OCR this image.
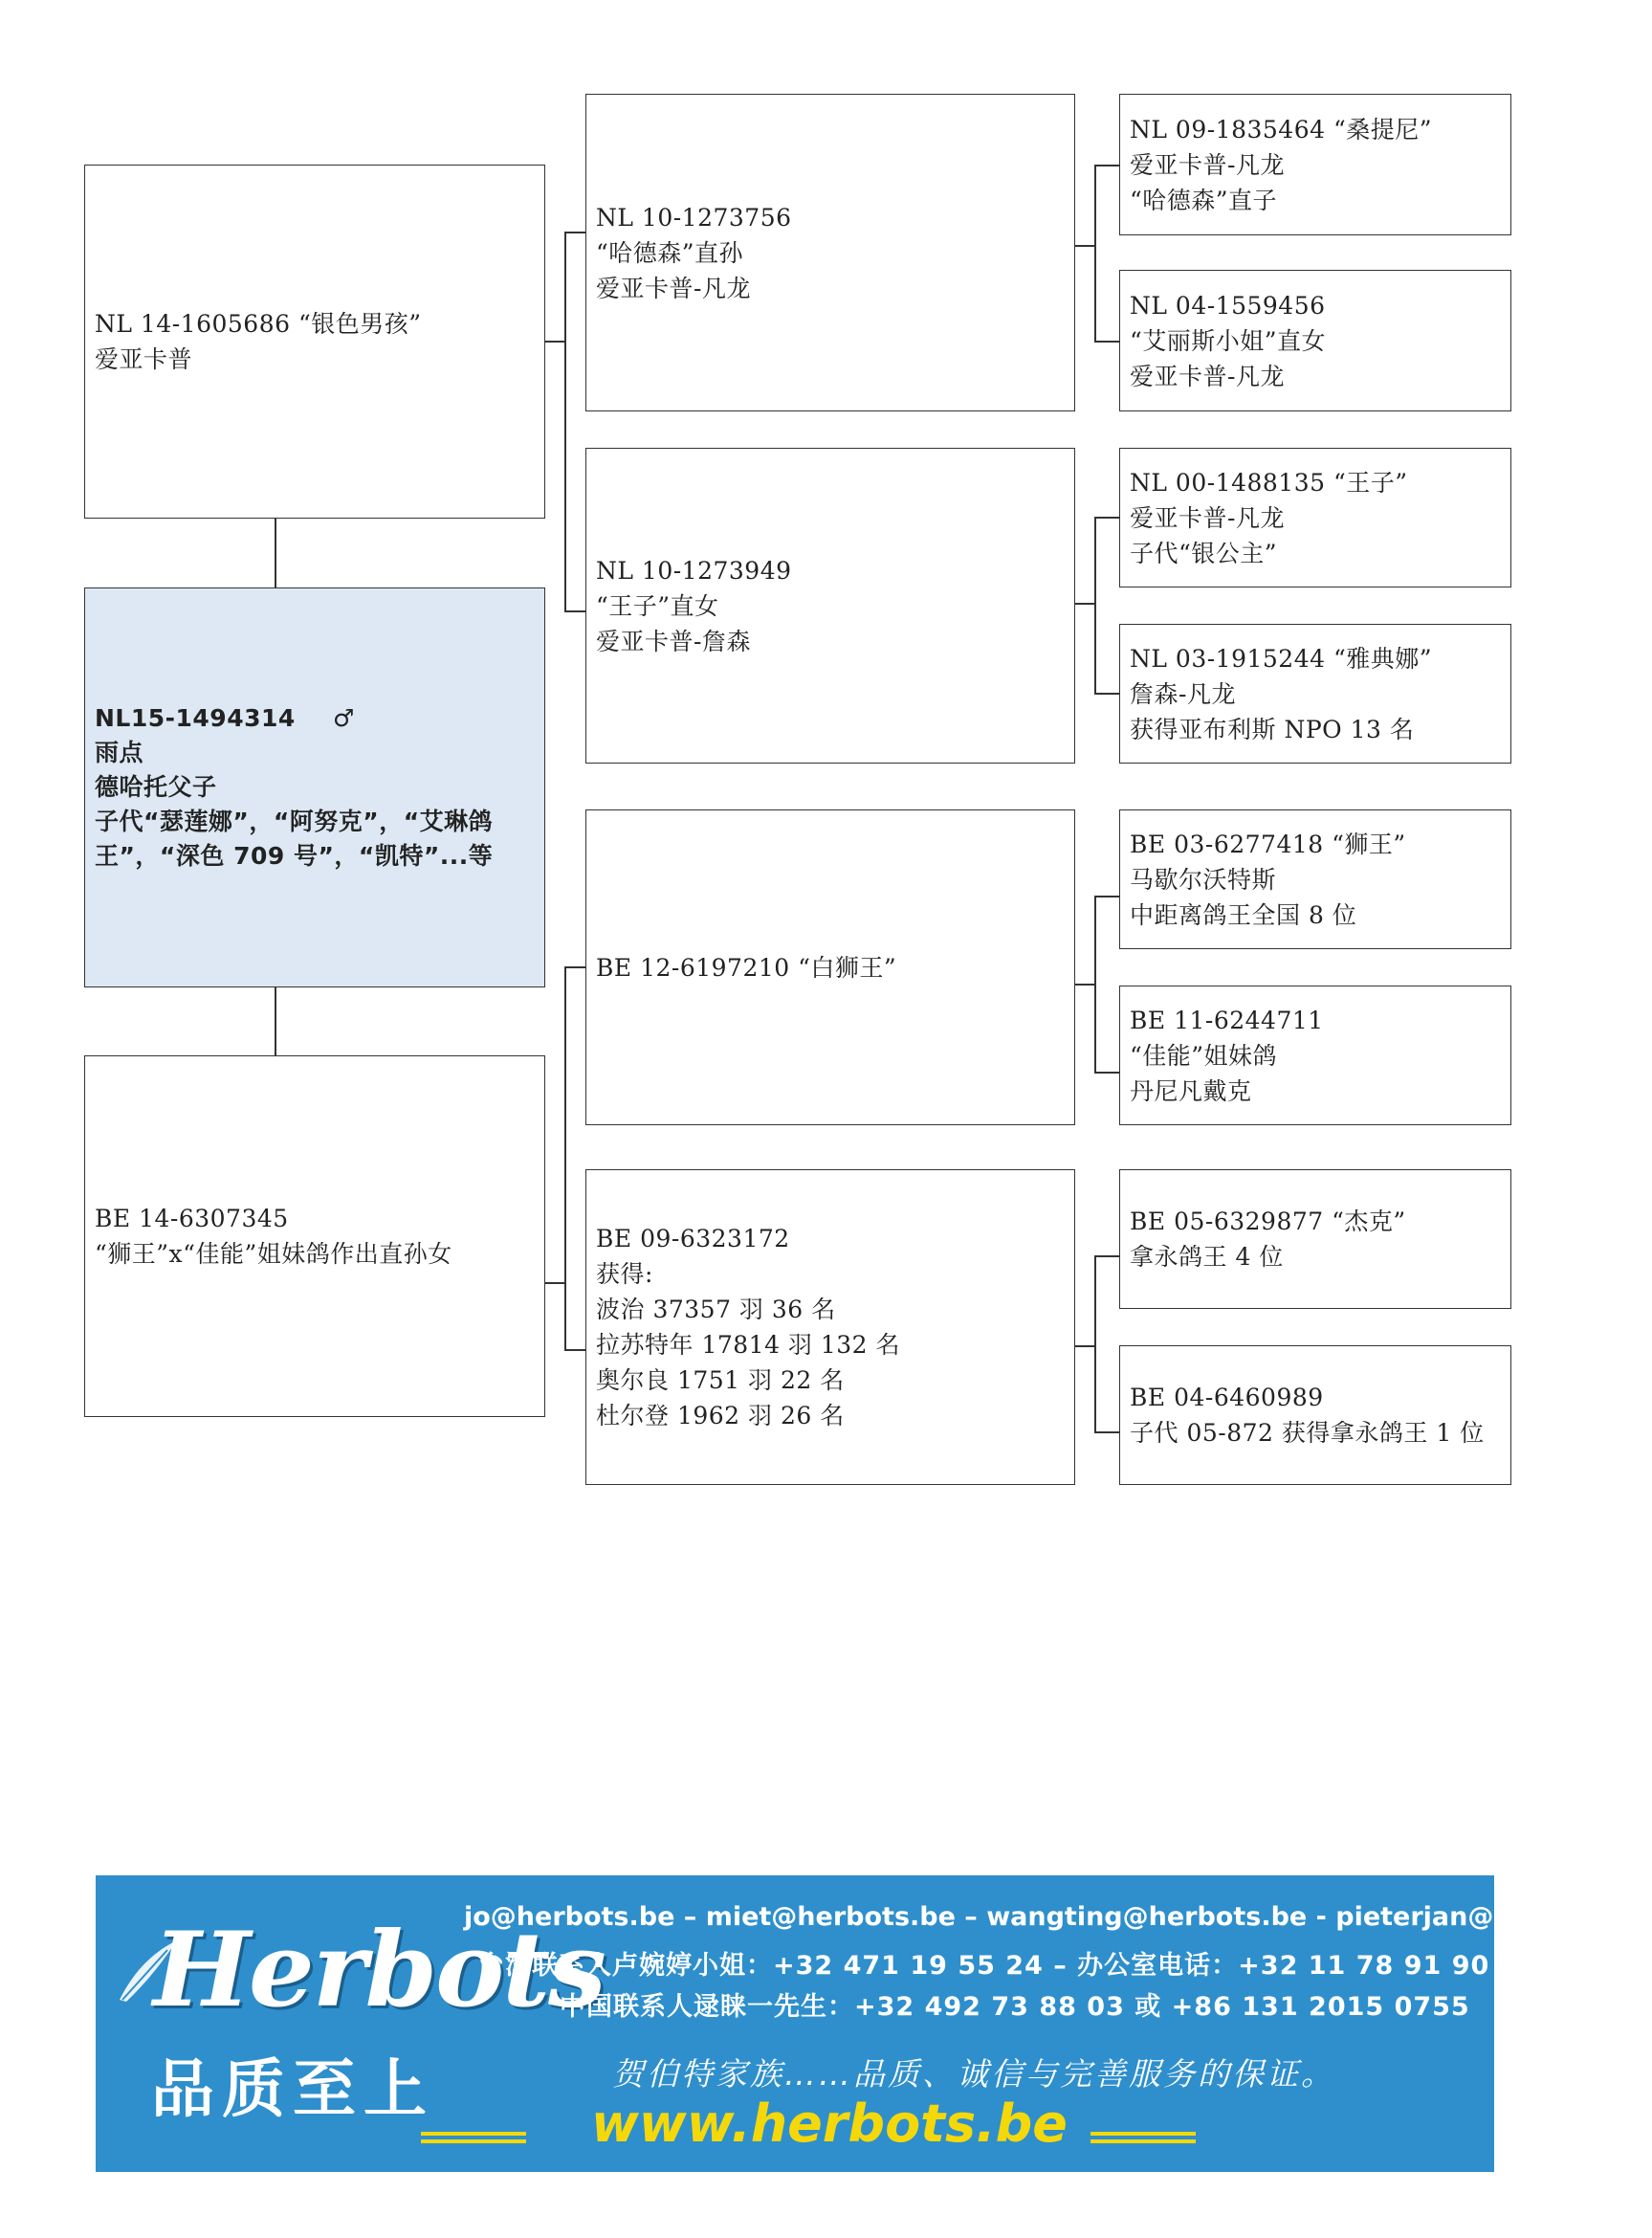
NL 14-1605686 “银色男孩”
爱亚卡普
NL15-1494314 ♂
雨点
德哈托父子
子代“瑟莲娜”，“阿努克”，“艾琳鸽王”，“深色 709 号”，“凯特”...等
BE 14-6307345
“狮王”x“佳能”姐妹鸽作出直孙女
NL 10-1273756
“哈德森”直孙
爱亚卡普-凡龙
NL 10-1273949
“王子”直女
爱亚卡普-詹森
BE 12-6197210 “白狮王”
BE 09-6323172
获得:
波治 37357 羽 36 名
拉苏特年 17814 羽 132 名
奥尔良 1751 羽 22 名
杜尔登 1962 羽 26 名
NL 09-1835464 “桑提尼”
爱亚卡普-凡龙
“哈德森”直子
NL 04-1559456
“艾丽斯小姐”直女
爱亚卡普-凡龙
NL 00-1488135 “王子”
爱亚卡普-凡龙
子代“银公主”
NL 03-1915244 “雅典娜”
詹森-凡龙
获得亚布利斯 NPO 13 名
BE 03-6277418 “狮王”
马歇尔沃特斯
中距离鸽王全国 8 位
BE 11-6244711
“佳能”姐妹鸽
丹尼凡戴克
BE 05-6329877 “杰克”
拿永鸽王 4 位
BE 04-6460989
子代 05-872 获得拿永鸽王 1 位
Herbots
品质至上
jo@herbots.be – miet@herbots.be – wangting@herbots.be - pieterjan@herbots.be
台湾联系人卢婉婷小姐：+32 471 19 55 24 – 办公室电话：+32 11 78 91 90
中国联系人逯睐一先生：+32 492 73 88 03 或 +86 131 2015 0755
贺伯特家族……品质、诚信与完善服务的保证。
www.herbots.be
